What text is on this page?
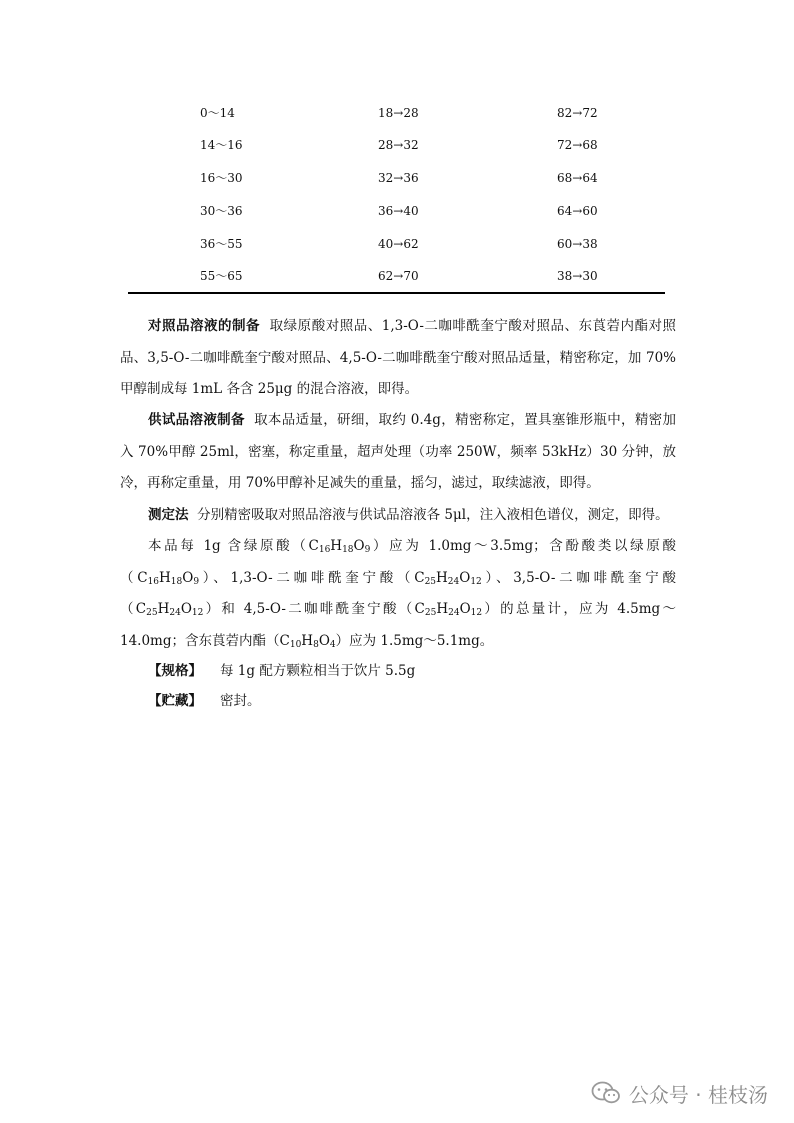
0～14	18→28	82→72
14～16	28→32	72→68
16～30	32→36	68→64
30～36	36→40	64→60
36～55	40→62	60→38
55～65	62→70	38→30

对照品溶液的制备 取绿原酸对照品、1,3-O-二咖啡酰奎宁酸对照品、东莨菪内酯对照品、3,5-O-二咖啡酰奎宁酸对照品、4,5-O-二咖啡酰奎宁酸对照品适量，精密称定，加 70%甲醇制成每 1mL 各含 25μg 的混合溶液，即得。

供试品溶液制备 取本品适量，研细，取约 0.4g，精密称定，置具塞锥形瓶中，精密加入 70%甲醇 25ml，密塞，称定重量，超声处理（功率 250W，频率 53kHz）30 分钟，放冷，再称定重量，用 70%甲醇补足减失的重量，摇匀，滤过，取续滤液，即得。

测定法 分别精密吸取对照品溶液与供试品溶液各 5μl，注入液相色谱仪，测定，即得。

本品每 1g 含绿原酸$(C_{16}H_{18}O_9)$应为 1.0mg～3.5mg；含酚酸类以绿原酸$(C_{16}H_{18}O_9)$、1,3-O-二咖啡酰奎宁酸$(C_{25}H_{24}O_{12})$、3,5-O-二咖啡酰奎宁酸$(C_{25}H_{24}O_{12})$和 4,5-O-二咖啡酰奎宁酸$(C_{25}H_{24}O_{12})$的总量计，应为 4.5mg～14.0mg；含东莨菪内酯$(C_{10}H_8O_4)$应为 1.5mg～5.1mg。

【规格】 每 1g 配方颗粒相当于饮片 5.5g
【贮藏】 密封。
公众号 · 桂枝汤
